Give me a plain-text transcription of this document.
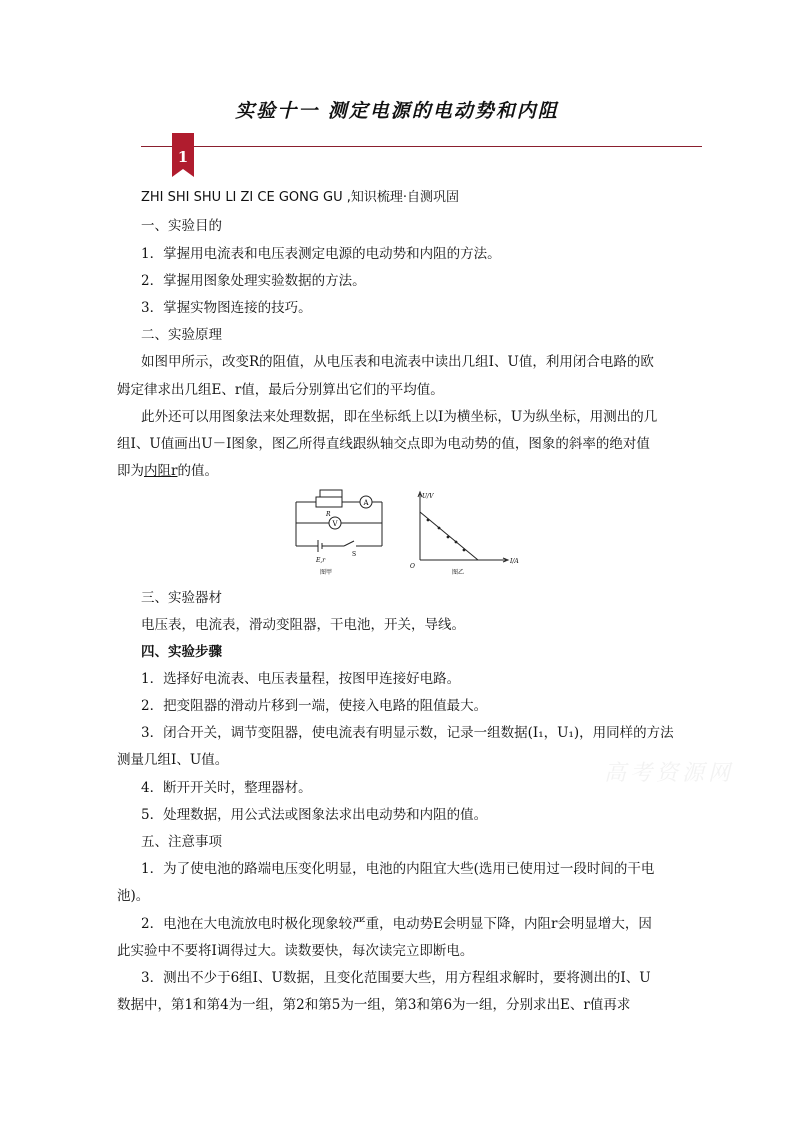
实验十一 测定电源的电动势和内阻
1
ZHI SHI SHU LI ZI CE GONG GU ,知识梳理·自测巩固
一、实验目的
1．掌握用电流表和电压表测定电源的电动势和内阻的方法。
2．掌握用图象处理实验数据的方法。
3．掌握实物图连接的技巧。
二、实验原理
如图甲所示，改变R的阻值，从电压表和电流表中读出几组I、U值，利用闭合电路的欧
姆定律求出几组E、r值，最后分别算出它们的平均值。
此外还可以用图象法来处理数据，即在坐标纸上以I为横坐标，U为纵坐标，用测出的几
组I、U值画出U－I图象，图乙所得直线跟纵轴交点即为电动势的值，图象的斜率的绝对值
即为内阻r的值。
A
V
R
E,r
S
图甲
U/V
I/A
O
图乙
三、实验器材
电压表，电流表，滑动变阻器，干电池，开关，导线。
四、实验步骤
1．选择好电流表、电压表量程，按图甲连接好电路。
2．把变阻器的滑动片移到一端，使接入电路的阻值最大。
3．闭合开关，调节变阻器，使电流表有明显示数，记录一组数据(I₁，U₁)，用同样的方法
测量几组I、U值。
4．断开开关时，整理器材。
5．处理数据，用公式法或图象法求出电动势和内阻的值。
五、注意事项
1．为了使电池的路端电压变化明显，电池的内阻宜大些(选用已使用过一段时间的干电
池)。
2．电池在大电流放电时极化现象较严重，电动势E会明显下降，内阻r会明显增大，因
此实验中不要将I调得过大。读数要快，每次读完立即断电。
3．测出不少于6组I、U数据，且变化范围要大些，用方程组求解时，要将测出的I、U
数据中，第1和第4为一组，第2和第5为一组，第3和第6为一组，分别求出E、r值再求
高考资源网
